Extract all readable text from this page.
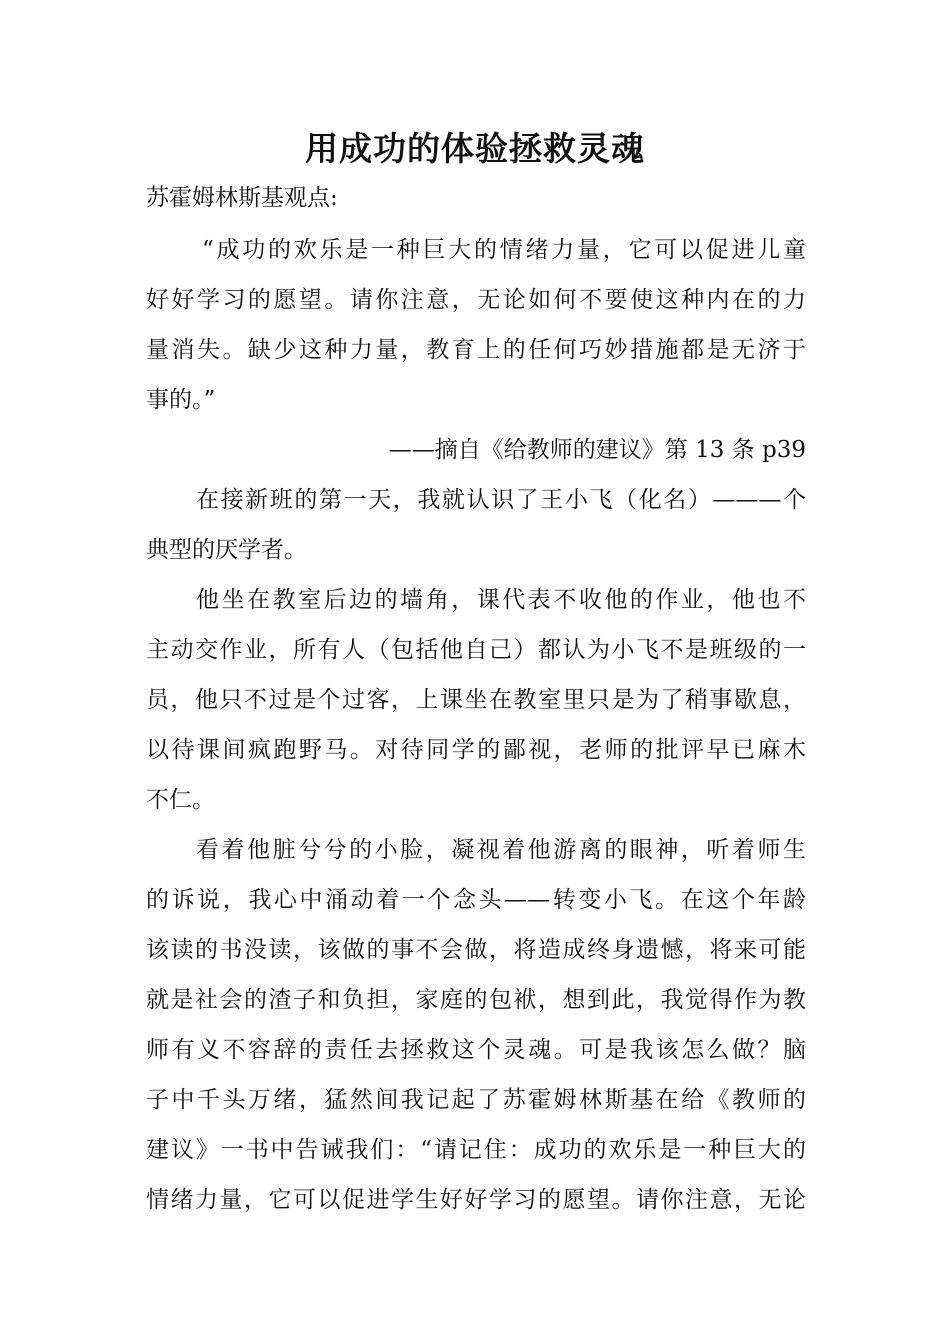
用成功的体验拯救灵魂
苏霍姆林斯基观点:
“成功的欢乐是一种巨大的情绪力量，它可以促进儿童
好好学习的愿望。请你注意，无论如何不要使这种内在的力
量消失。缺少这种力量，教育上的任何巧妙措施都是无济于
事的。”
——摘自《给教师的建议》第 13 条 p39
在接新班的第一天，我就认识了王小飞（化名）———个
典型的厌学者。
他坐在教室后边的墙角，课代表不收他的作业，他也不
主动交作业，所有人（包括他自己）都认为小飞不是班级的一
员，他只不过是个过客，上课坐在教室里只是为了稍事歇息，
以待课间疯跑野马。对待同学的鄙视，老师的批评早已麻木
不仁。
看着他脏兮兮的小脸，凝视着他游离的眼神，听着师生
的诉说，我心中涌动着一个念头——转变小飞。在这个年龄
该读的书没读，该做的事不会做，将造成终身遗憾，将来可能
就是社会的渣子和负担，家庭的包袱，想到此，我觉得作为教
师有义不容辞的责任去拯救这个灵魂。可是我该怎么做？脑
子中千头万绪，猛然间我记起了苏霍姆林斯基在给《教师的
建议》一书中告诫我们：“请记住：成功的欢乐是一种巨大的
情绪力量，它可以促进学生好好学习的愿望。请你注意，无论
